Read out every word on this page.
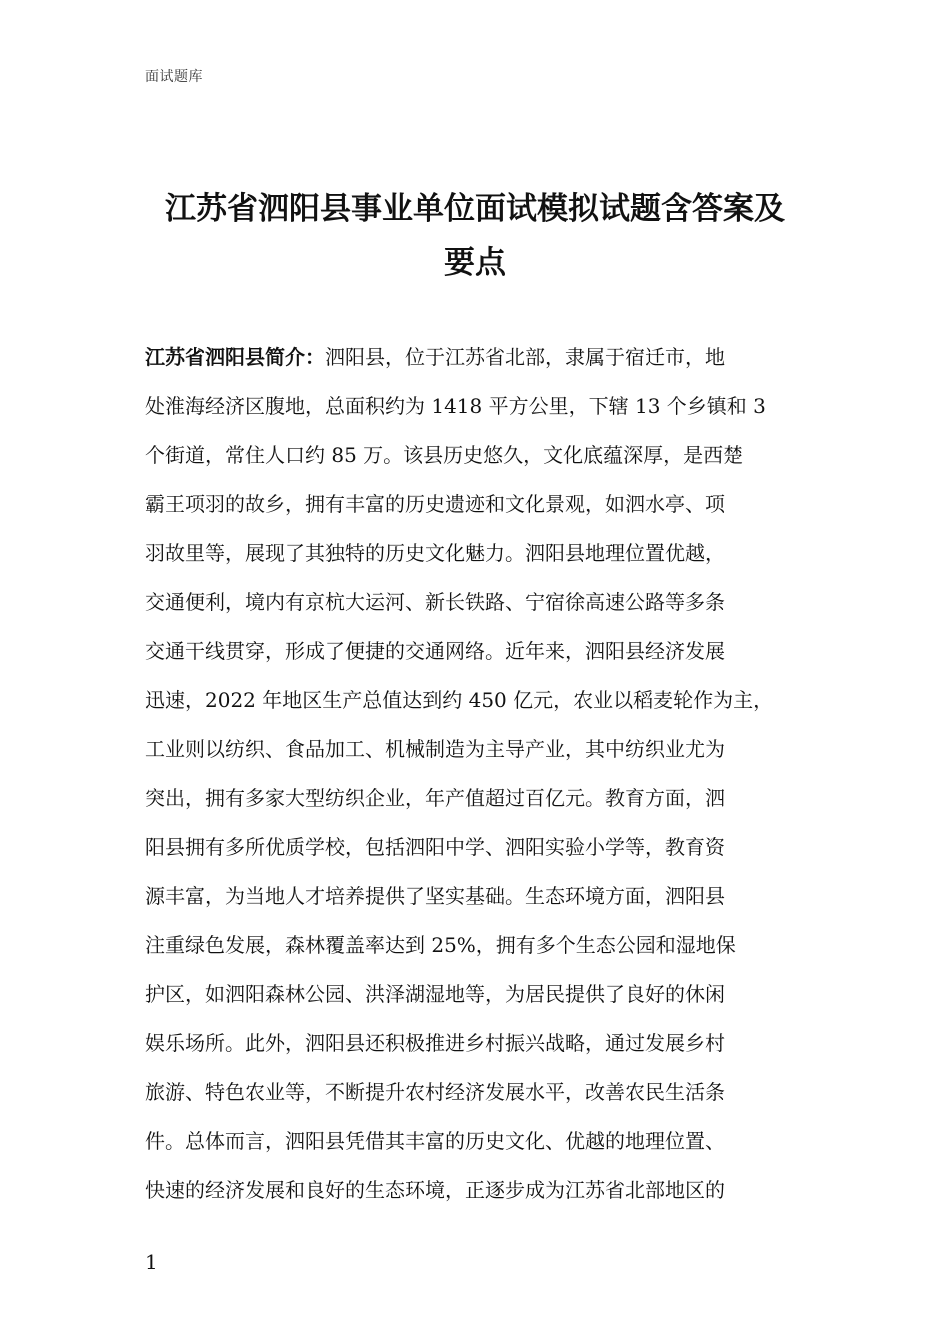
面试题库
江苏省泗阳县事业单位面试模拟试题含答案及
要点
江苏省泗阳县简介：泗阳县，位于江苏省北部，隶属于宿迁市，地
处淮海经济区腹地，总面积约为 1418 平方公里，下辖 13 个乡镇和 3
个街道，常住人口约 85 万。该县历史悠久，文化底蕴深厚，是西楚
霸王项羽的故乡，拥有丰富的历史遗迹和文化景观，如泗水亭、项
羽故里等，展现了其独特的历史文化魅力。泗阳县地理位置优越，
交通便利，境内有京杭大运河、新长铁路、宁宿徐高速公路等多条
交通干线贯穿，形成了便捷的交通网络。近年来，泗阳县经济发展
迅速，2022 年地区生产总值达到约 450 亿元，农业以稻麦轮作为主，
工业则以纺织、食品加工、机械制造为主导产业，其中纺织业尤为
突出，拥有多家大型纺织企业，年产值超过百亿元。教育方面，泗
阳县拥有多所优质学校，包括泗阳中学、泗阳实验小学等，教育资
源丰富，为当地人才培养提供了坚实基础。生态环境方面，泗阳县
注重绿色发展，森林覆盖率达到 25%，拥有多个生态公园和湿地保
护区，如泗阳森林公园、洪泽湖湿地等，为居民提供了良好的休闲
娱乐场所。此外，泗阳县还积极推进乡村振兴战略，通过发展乡村
旅游、特色农业等，不断提升农村经济发展水平，改善农民生活条
件。总体而言，泗阳县凭借其丰富的历史文化、优越的地理位置、
快速的经济发展和良好的生态环境，正逐步成为江苏省北部地区的
1
